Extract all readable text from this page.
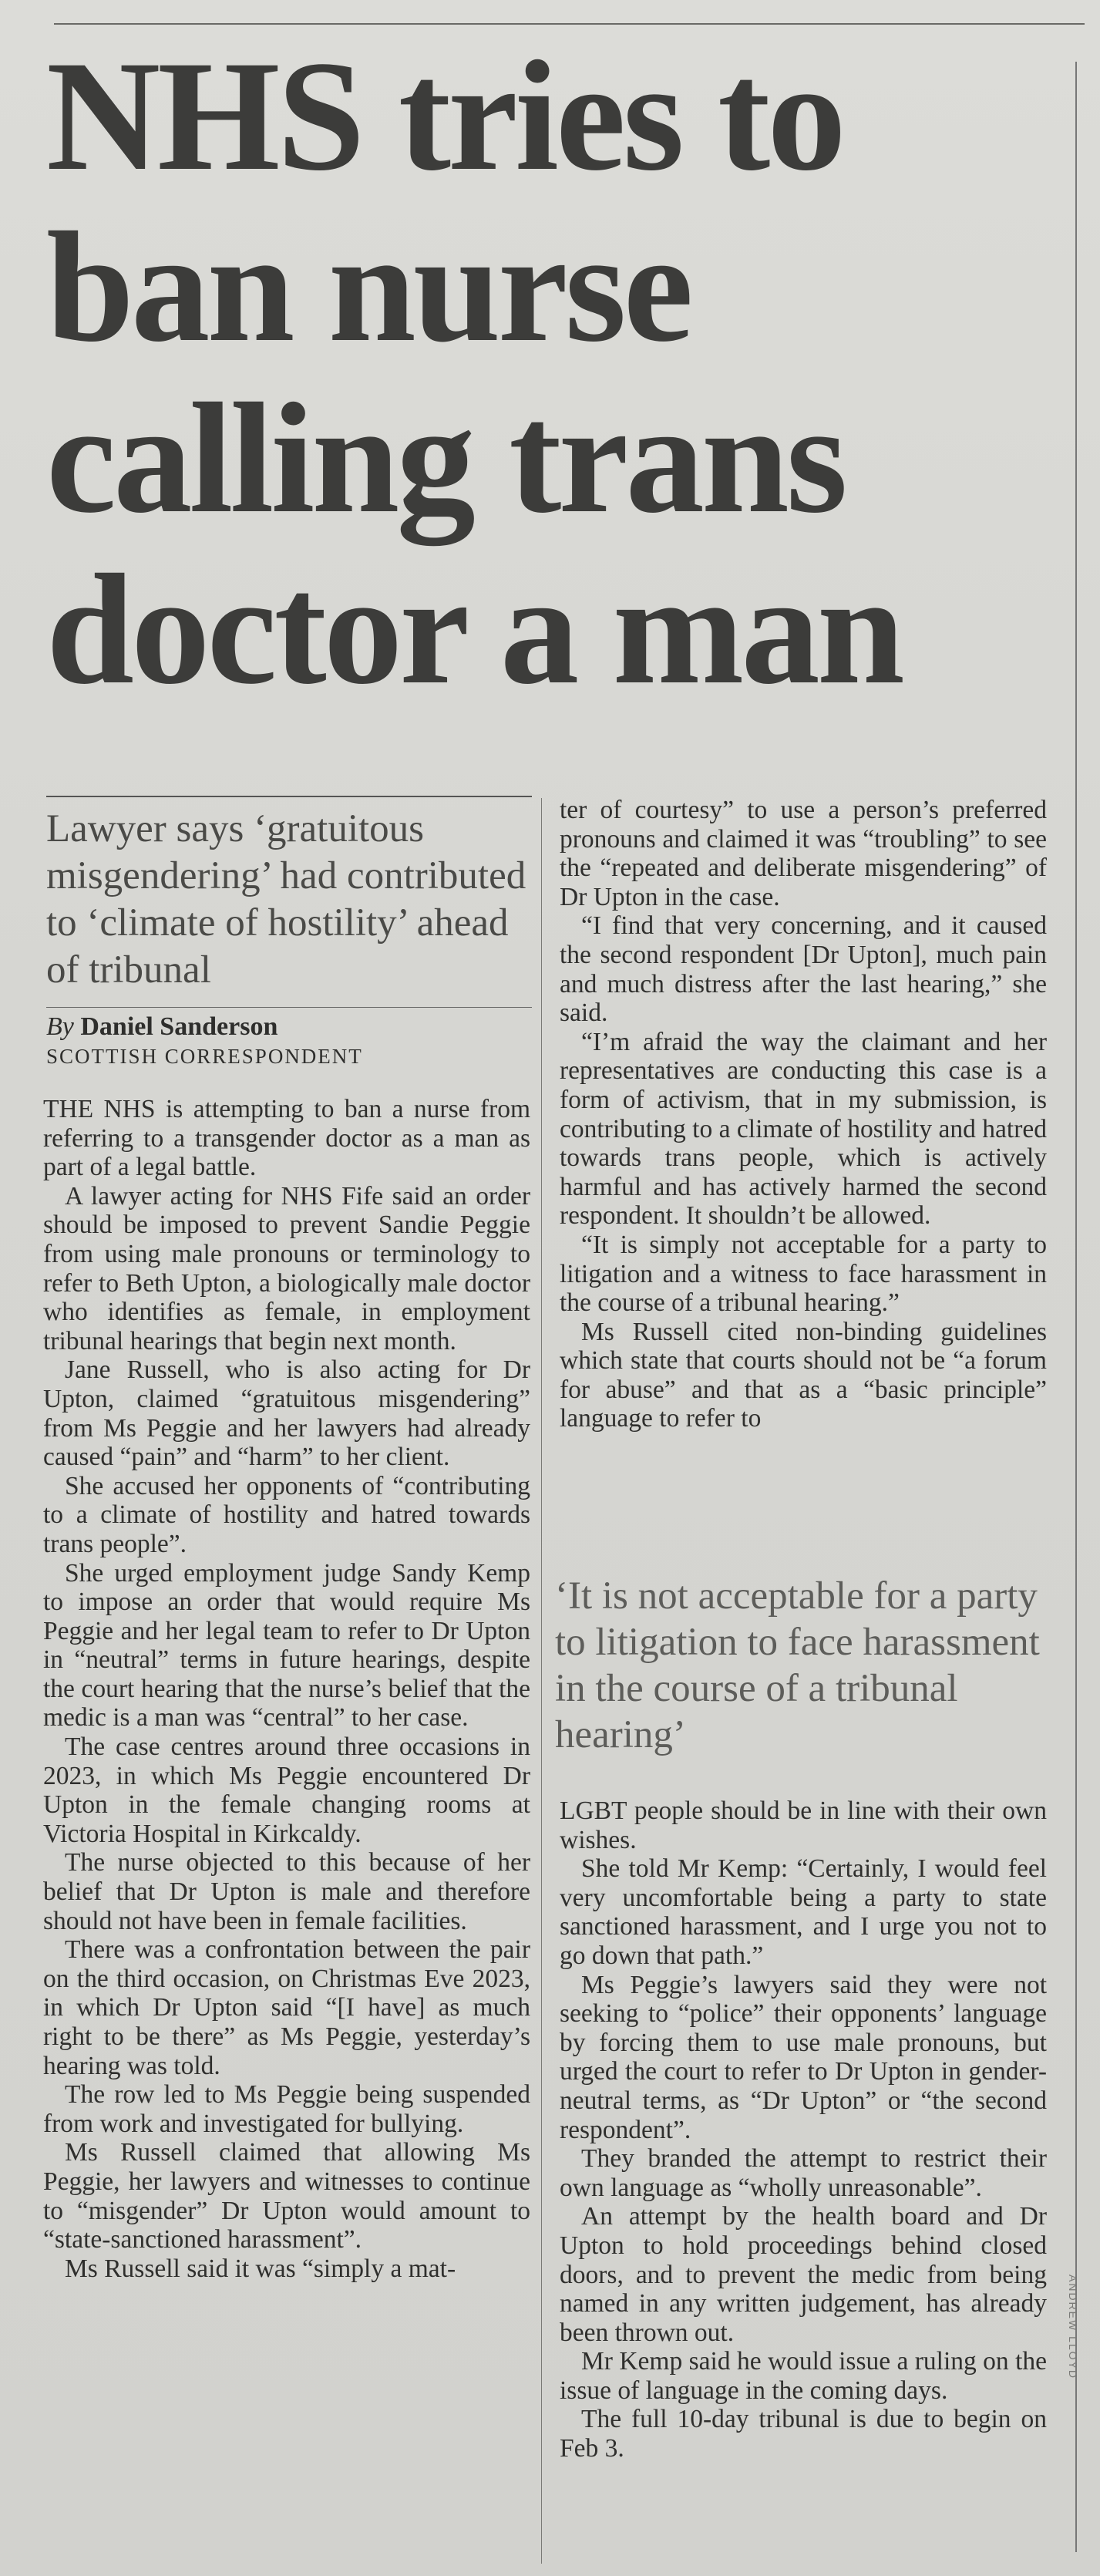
NHS tries to ban nurse calling trans doctor a man
Lawyer says ‘gratuitous misgendering’ had contributed to ‘climate of hostility’ ahead of tribunal
By Daniel Sanderson
SCOTTISH CORRESPONDENT

THE NHS is attempting to ban a nurse from referring to a transgender doctor as a man as part of a legal battle.

A lawyer acting for NHS Fife said an order should be imposed to prevent Sandie Peggie from using male pronouns or terminology to refer to Beth Upton, a biologically male doctor who identifies as female, in employment tribunal hearings that begin next month.

Jane Russell, who is also acting for Dr Upton, claimed “gratuitous misgendering” from Ms Peggie and her lawyers had already caused “pain” and “harm” to her client.

She accused her opponents of “contributing to a climate of hostility and hatred towards trans people”.

She urged employment judge Sandy Kemp to impose an order that would require Ms Peggie and her legal team to refer to Dr Upton in “neutral” terms in future hearings, despite the court hearing that the nurse’s belief that the medic is a man was “central” to her case.

The case centres around three occasions in 2023, in which Ms Peggie encountered Dr Upton in the female changing rooms at Victoria Hospital in Kirkcaldy.

The nurse objected to this because of her belief that Dr Upton is male and therefore should not have been in female facilities.

There was a confrontation between the pair on the third occasion, on Christmas Eve 2023, in which Dr Upton said “[I have] as much right to be there” as Ms Peggie, yesterday’s hearing was told.

The row led to Ms Peggie being suspended from work and investigated for bullying.

Ms Russell claimed that allowing Ms Peggie, her lawyers and witnesses to continue to “misgender” Dr Upton would amount to “state-sanctioned harassment”.

Ms Russell said it was “simply a mat-

ter of courtesy” to use a person’s preferred pronouns and claimed it was “troubling” to see the “repeated and deliberate misgendering” of Dr Upton in the case.

“I find that very concerning, and it caused the second respondent [Dr Upton], much pain and much distress after the last hearing,” she said.

“I’m afraid the way the claimant and her representatives are conducting this case is a form of activism, that in my submission, is contributing to a climate of hostility and hatred towards trans people, which is actively harmful and has actively harmed the second respondent. It shouldn’t be allowed.

“It is simply not acceptable for a party to litigation and a witness to face harassment in the course of a tribunal hearing.”

Ms Russell cited non-binding guidelines which state that courts should not be “a forum for abuse” and that as a “basic principle” language to refer to

‘It is not acceptable for a party to litigation to face harassment in the course of a tribunal hearing’

LGBT people should be in line with their own wishes.

She told Mr Kemp: “Certainly, I would feel very uncomfortable being a party to state sanctioned harassment, and I urge you not to go down that path.”

Ms Peggie’s lawyers said they were not seeking to “police” their opponents’ language by forcing them to use male pronouns, but urged the court to refer to Dr Upton in gender-neutral terms, as “Dr Upton” or “the second respondent”.

They branded the attempt to restrict their own language as “wholly unreasonable”.

An attempt by the health board and Dr Upton to hold proceedings behind closed doors, and to prevent the medic from being named in any written judgement, has already been thrown out.

Mr Kemp said he would issue a ruling on the issue of language in the coming days.

The full 10-day tribunal is due to begin on Feb 3.

ANDREW LLOYD
